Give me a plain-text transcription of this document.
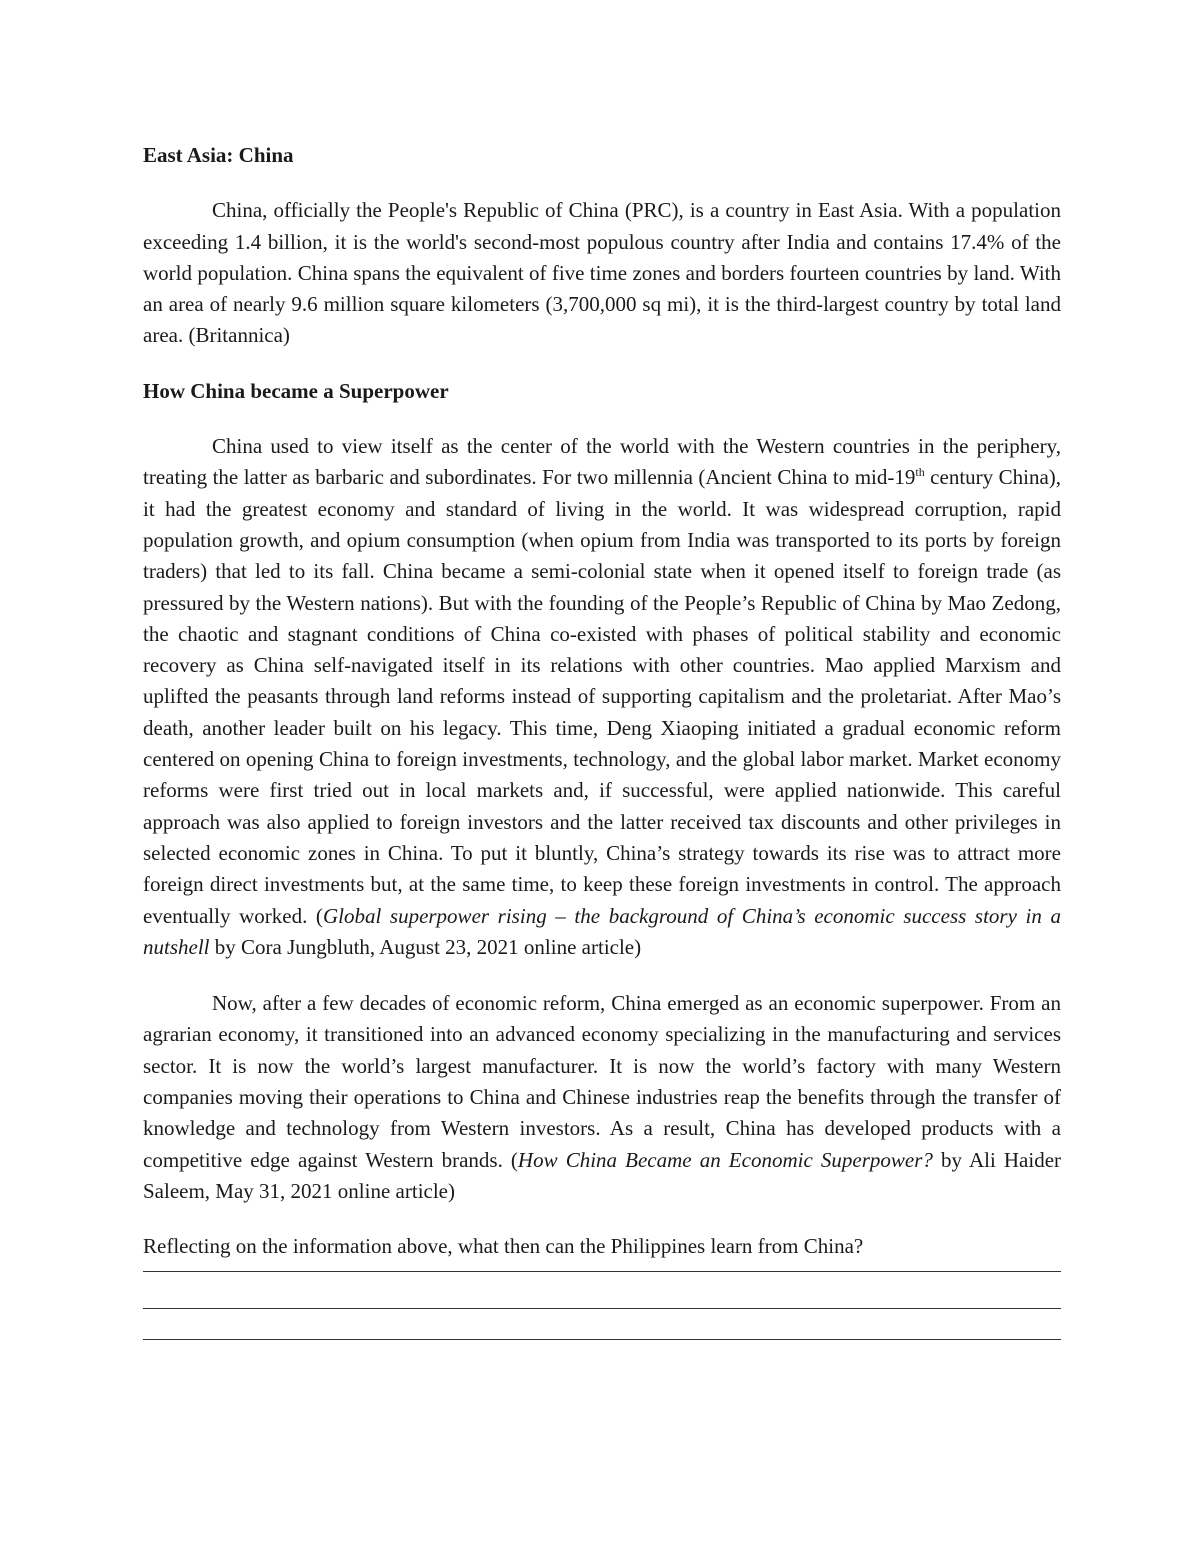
East Asia: China

China, officially the People's Republic of China (PRC), is a country in East Asia. With a population exceeding 1.4 billion, it is the world's second-most populous country after India and contains 17.4% of the world population. China spans the equivalent of five time zones and borders fourteen countries by land. With an area of nearly 9.6 million square kilometers (3,700,000 sq mi), it is the third-largest country by total land area. (Britannica)

How China became a Superpower

China used to view itself as the center of the world with the Western countries in the periphery, treating the latter as barbaric and subordinates. For two millennia (Ancient China to mid-19th century China), it had the greatest economy and standard of living in the world. It was widespread corruption, rapid population growth, and opium consumption (when opium from India was transported to its ports by foreign traders) that led to its fall. China became a semi-colonial state when it opened itself to foreign trade (as pressured by the Western nations). But with the founding of the People’s Republic of China by Mao Zedong, the chaotic and stagnant conditions of China co-existed with phases of political stability and economic recovery as China self-navigated itself in its relations with other countries. Mao applied Marxism and uplifted the peasants through land reforms instead of supporting capitalism and the proletariat. After Mao’s death, another leader built on his legacy. This time, Deng Xiaoping initiated a gradual economic reform centered on opening China to foreign investments, technology, and the global labor market. Market economy reforms were first tried out in local markets and, if successful, were applied nationwide. This careful approach was also applied to foreign investors and the latter received tax discounts and other privileges in selected economic zones in China. To put it bluntly, China’s strategy towards its rise was to attract more foreign direct investments but, at the same time, to keep these foreign investments in control. The approach eventually worked. (Global superpower rising – the background of China’s economic success story in a nutshell by Cora Jungbluth, August 23, 2021 online article)

Now, after a few decades of economic reform, China emerged as an economic superpower. From an agrarian economy, it transitioned into an advanced economy specializing in the manufacturing and services sector. It is now the world’s largest manufacturer. It is now the world’s factory with many Western companies moving their operations to China and Chinese industries reap the benefits through the transfer of knowledge and technology from Western investors. As a result, China has developed products with a competitive edge against Western brands. (How China Became an Economic Superpower? by Ali Haider Saleem, May 31, 2021 online article)

Reflecting on the information above, what then can the Philippines learn from China?
